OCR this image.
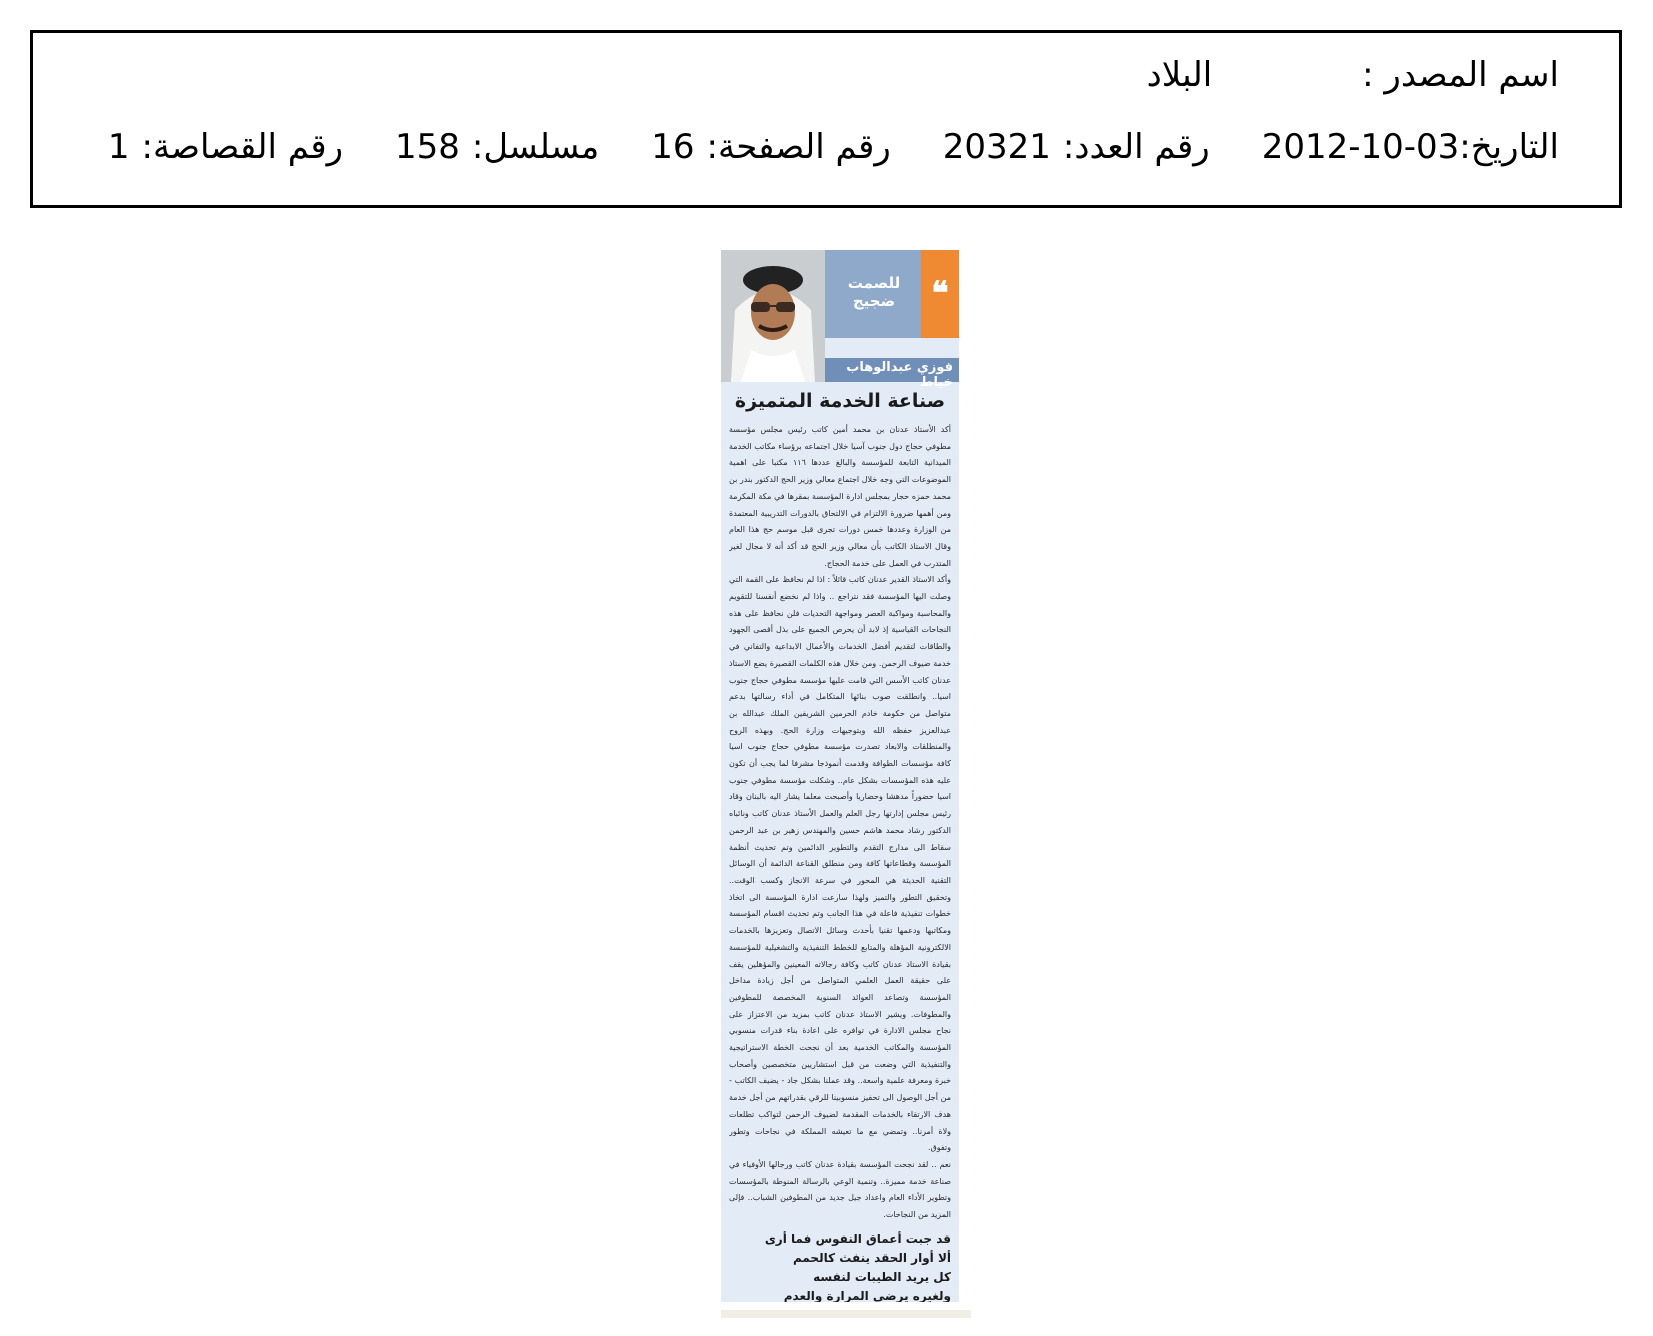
اسم المصدر :
البلاد
التاريخ:
2012-10-03
رقم العدد:
20321
رقم الصفحة:
16
مسلسل:
158
رقم القصاصة:
1
❝
للصمت ضجيج
فوزي عبدالوهاب خياط
صناعة الخدمة المتميزة

أكد الأستاذ عدنان بن محمد أمين كاتب رئيس مجلس مؤسسة مطوفي حجاج دول جنوب آسيا خلال اجتماعه برؤساء مكاتب الخدمة الميدانية التابعة للمؤسسة والبالغ عددها ١١٦ مكتبا على اهمية الموضوعات التي وجه خلال اجتماع معالي وزير الحج الدكتور بندر بن محمد حمزه حجار بمجلس ادارة المؤسسة بمقرها في مكة المكرمة ومن أهمها ضرورة الالتزام في الالتحاق بالدورات التدريبية المعتمدة من الوزارة وعددها خمس دورات تجرى قبل موسم حج هذا العام وقال الاستاذ الكاتب بأن معالي وزير الحج قد أكد أنه لا مجال لغير المتدرب في العمل على خدمة الحجاج.

وأكد الاستاذ القدير عدنان كاتب قائلاً : اذا لم نحافظ على القمة التي وصلت اليها المؤسسة فقد نتراجع .. واذا لم نخضع أنفسنا للتقويم والمحاسبة ومواكبة العصر ومواجهة التحديات فلن نحافظ على هذه النجاحات القياسية إذ لابد أن يحرص الجميع على بذل أقصى الجهود والطاقات لتقديم أفضل الخدمات والأعمال الابداعية والتفاني في خدمة ضيوف الرحمن. ومن خلال هذه الكلمات القصيرة يضع الاستاذ عدنان كاتب الأسس التي قامت عليها مؤسسة مطوفي حجاج جنوب اسيا.. وانطلقت صوب بنائها المتكامل في أداء رسالتها بدعم متواصل من حكومة خادم الحرمين الشريفين الملك عبدالله بن عبدالعزيز حفظه الله وبتوجيهات وزارة الحج. وبهذه الروح والمنطلقات والابعاد تصدرت مؤسسة مطوفي حجاج جنوب اسيا كافة مؤسسات الطوافة وقدمت أنموذجا مشرفا لما يجب أن تكون عليه هذه المؤسسات بشكل عام.. وشكلت مؤسسة مطوفي جنوب اسيا حضوراً مدهشا وحضاريا وأصبحت معلما يشار اليه بالبنان وقاد رئيس مجلس إدارتها رجل العلم والعمل الأستاذ عدنان كاتب ونائباه الدكتور رشاد محمد هاشم حسين والمهندس زهير بن عبد الرحمن سقاط الى مدارج التقدم والتطوير الدائمين وتم تحديث أنظمة المؤسسة وقطاعاتها كافة ومن منطلق القناعة الدائمة أن الوسائل التقنية الحديثة هي المحور في سرعة الانجاز وكسب الوقت.. وتحقيق التطور والتميز ولهذا سارعت ادارة المؤسسة الى اتخاذ خطوات تنفيذية فاعلة في هذا الجانب وتم تحديث اقسام المؤسسة ومكاتبها ودعمها تقنيا بأحدث وسائل الاتصال وتعزيزها بالخدمات الالكترونية المؤهلة والمتابع للخطط التنفيذية والتشغيلية للمؤسسة بقيادة الاستاذ عدنان كاتب وكافة رجالاته المعينين والمؤهلين يقف على حقيقة العمل العلمي المتواصل من أجل زيادة مداخل المؤسسة وتصاعد العوائد السنوية المخصصة للمطوفين والمطوفات. ويشير الاستاذ عدنان كاتب بمزيد من الاعتزاز على نجاح مجلس الادارة في توافره على اعادة بناء قدرات منسوبي المؤسسة والمكاتب الخدمية بعد أن نجحت الخطة الاستراتيجية والتنفيذية التي وضعت من قبل استشاريين متخصصين وأصحاب خبرة ومعرفة علمية واسعة.. وقد عملنا بشكل جاد - يضيف الكاتب - من أجل الوصول الى تحفيز منسوبينا للرقي بقدراتهم من أجل خدمة هدف الارتقاء بالخدمات المقدمة لضيوف الرحمن لتواكب تطلعات ولاة أمرنا.. وتمضي مع ما تعيشه المملكة في نجاحات وتطور وتفوق.

نعم .. لقد نجحت المؤسسة بقيادة عدنان كاتب ورجالها الأوفياء في صناعة خدمة مميزة.. وتنمية الوعي بالرسالة المنوطة بالمؤسسات وتطوير الأداء العام واعداد جيل جديد من المطوفين الشباب.. فإلى المزيد من النجاحات.

قد جبت أعماق النفوس فما أرى

ألا أوار الحقد ينفث كالحمم

كل يريد الطيبات لنفسه

ولغيره يرضى المرارة والعدم
